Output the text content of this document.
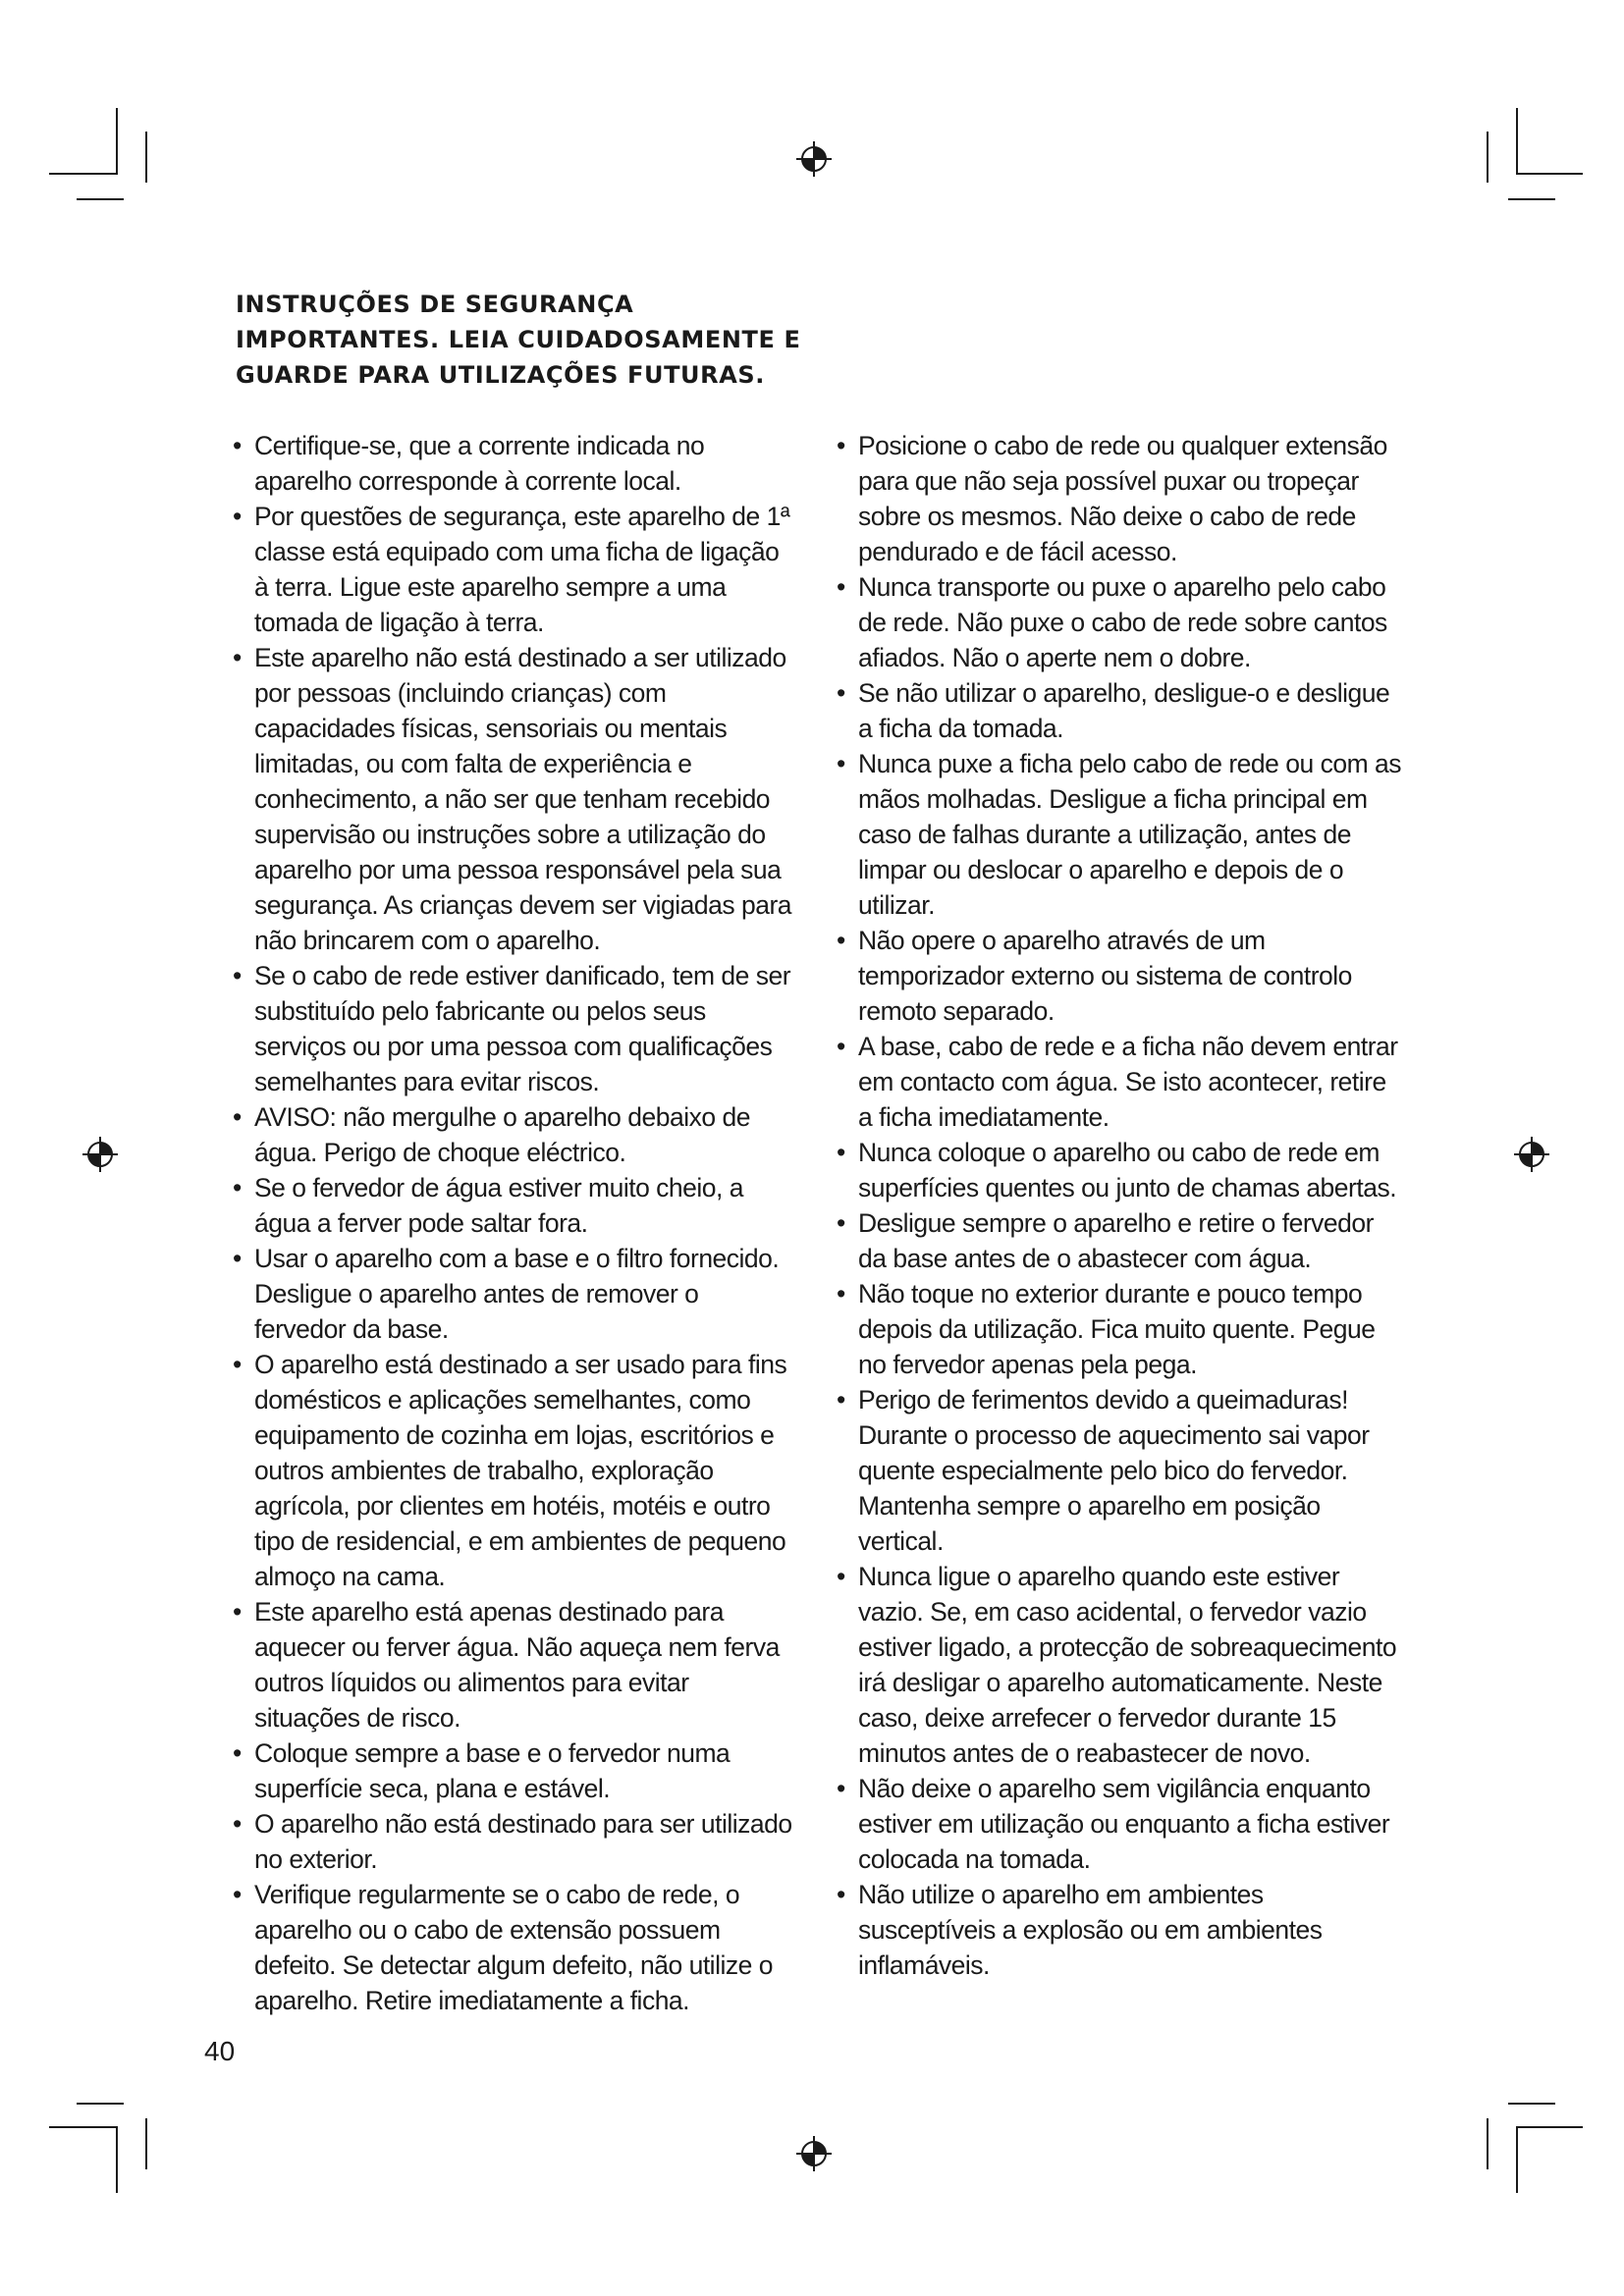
INSTRUÇÕES DE SEGURANÇA IMPORTANTES. LEIA CUIDADOSAMENTE E GUARDE PARA UTILIZAÇÕES FUTURAS.
• Certifique-se, que a corrente indicada no aparelho corresponde à corrente local.
• Por questões de segurança, este aparelho de 1ª classe está equipado com uma ficha de ligação à terra. Ligue este aparelho sempre a uma tomada de ligação à terra.
• Este aparelho não está destinado a ser utilizado por pessoas (incluindo crianças) com capacidades físicas, sensoriais ou mentais limitadas, ou com falta de experiência e conhecimento, a não ser que tenham recebido supervisão ou instruções sobre a utilização do aparelho por uma pessoa responsável pela sua segurança. As crianças devem ser vigiadas para não brincarem com o aparelho.
• Se o cabo de rede estiver danificado, tem de ser substituído pelo fabricante ou pelos seus serviços ou por uma pessoa com qualificações semelhantes para evitar riscos.
• AVISO: não mergulhe o aparelho debaixo de água. Perigo de choque eléctrico.
• Se o fervedor de água estiver muito cheio, a água a ferver pode saltar fora.
• Usar o aparelho com a base e o filtro fornecido. Desligue o aparelho antes de remover o fervedor da base.
• O aparelho está destinado a ser usado para fins domésticos e aplicações semelhantes, como equipamento de cozinha em lojas, escritórios e outros ambientes de trabalho, exploração agrícola, por clientes em hotéis, motéis e outro tipo de residencial, e em ambientes de pequeno almoço na cama.
• Este aparelho está apenas destinado para aquecer ou ferver água. Não aqueça nem ferva outros líquidos ou alimentos para evitar situações de risco.
• Coloque sempre a base e o fervedor numa superfície seca, plana e estável.
• O aparelho não está destinado para ser utilizado no exterior.
• Verifique regularmente se o cabo de rede, o aparelho ou o cabo de extensão possuem defeito. Se detectar algum defeito, não utilize o aparelho. Retire imediatamente a ficha.
• Posicione o cabo de rede ou qualquer extensão para que não seja possível puxar ou tropeçar sobre os mesmos. Não deixe o cabo de rede pendurado e de fácil acesso.
• Nunca transporte ou puxe o aparelho pelo cabo de rede. Não puxe o cabo de rede sobre cantos afiados. Não o aperte nem o dobre.
• Se não utilizar o aparelho, desligue-o e desligue a ficha da tomada.
• Nunca puxe a ficha pelo cabo de rede ou com as mãos molhadas. Desligue a ficha principal em caso de falhas durante a utilização, antes de limpar ou deslocar o aparelho e depois de o utilizar.
• Não opere o aparelho através de um temporizador externo ou sistema de controlo remoto separado.
• A base, cabo de rede e a ficha não devem entrar em contacto com água. Se isto acontecer, retire a ficha imediatamente.
• Nunca coloque o aparelho ou cabo de rede em superfícies quentes ou junto de chamas abertas.
• Desligue sempre o aparelho e retire o fervedor da base antes de o abastecer com água.
• Não toque no exterior durante e pouco tempo depois da utilização. Fica muito quente. Pegue no fervedor apenas pela pega.
• Perigo de ferimentos devido a queimaduras! Durante o processo de aquecimento sai vapor quente especialmente pelo bico do fervedor. Mantenha sempre o aparelho em posição vertical.
• Nunca ligue o aparelho quando este estiver vazio. Se, em caso acidental, o fervedor vazio estiver ligado, a protecção de sobreaquecimento irá desligar o aparelho automaticamente. Neste caso, deixe arrefecer o fervedor durante 15 minutos antes de o reabastecer de novo.
• Não deixe o aparelho sem vigilância enquanto estiver em utilização ou enquanto a ficha estiver colocada na tomada.
• Não utilize o aparelho em ambientes susceptíveis a explosão ou em ambientes inflamáveis.
40
